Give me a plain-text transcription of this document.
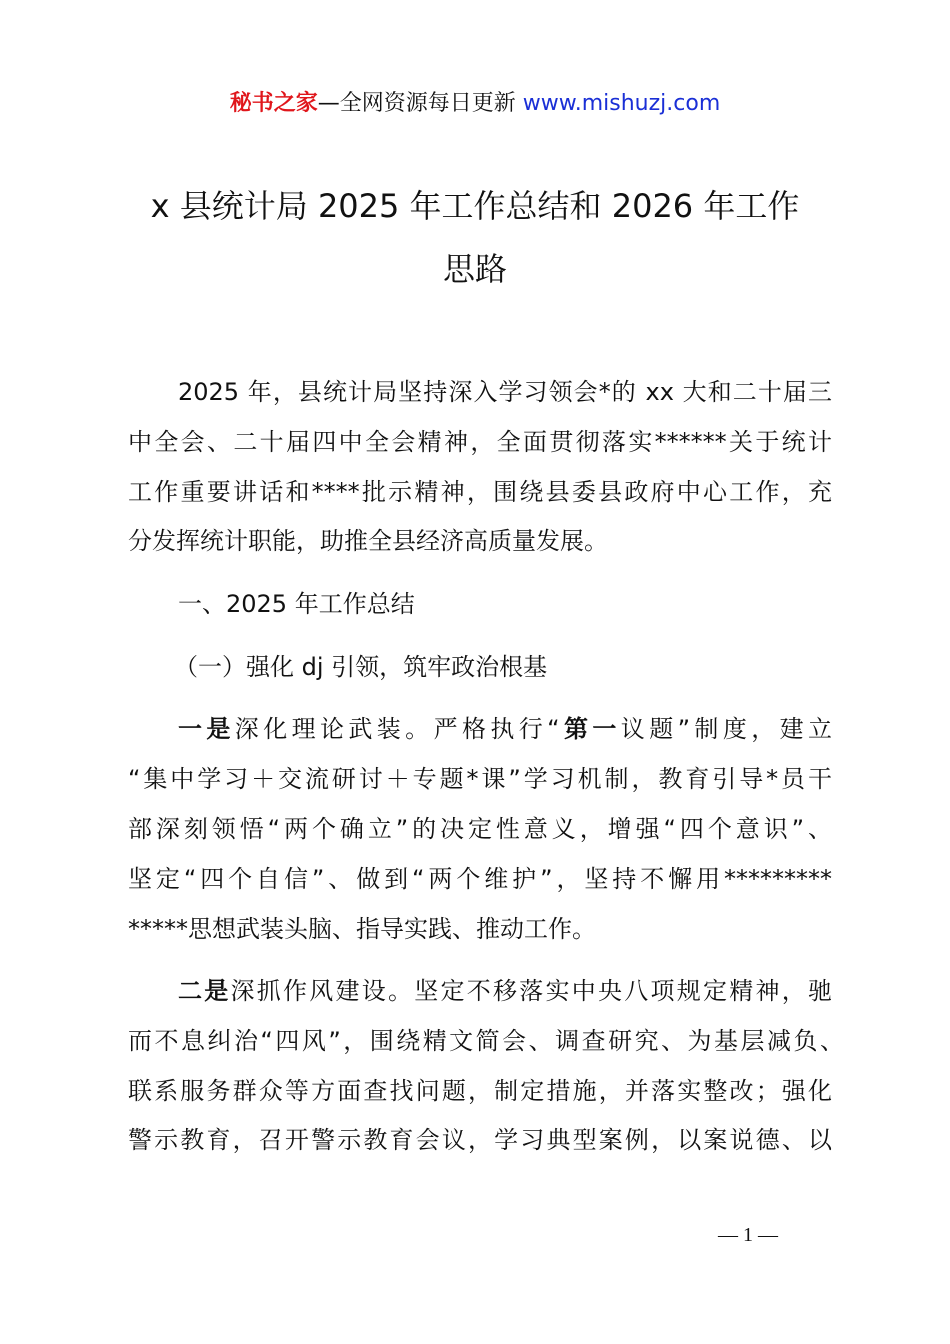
秘书之家—全网资源每日更新 www.mishuzj.com
x 县统计局 2025 年工作总结和 2026 年工作
思路
2025 年，县统计局坚持深入学习领会*的 xx 大和二十届三
中全会、二十届四中全会精神，全面贯彻落实******关于统计
工作重要讲话和****批示精神，围绕县委县政府中心工作，充
分发挥统计职能，助推全县经济高质量发展。
一、2025 年工作总结
（一）强化 dj 引领，筑牢政治根基
一是深化理论武装。严格执行“第一议题”制度，建立
“集中学习＋交流研讨＋专题*课”学习机制，教育引导*员干
部深刻领悟“两个确立”的决定性意义，增强“四个意识”、
坚定“四个自信”、做到“两个维护”，坚持不懈用*********
*****思想武装头脑、指导实践、推动工作。
二是深抓作风建设。坚定不移落实中央八项规定精神，驰
而不息纠治“四风”，围绕精文简会、调查研究、为基层减负、
联系服务群众等方面查找问题，制定措施，并落实整改；强化
警示教育，召开警示教育会议，学习典型案例，以案说德、以
— 1 —
